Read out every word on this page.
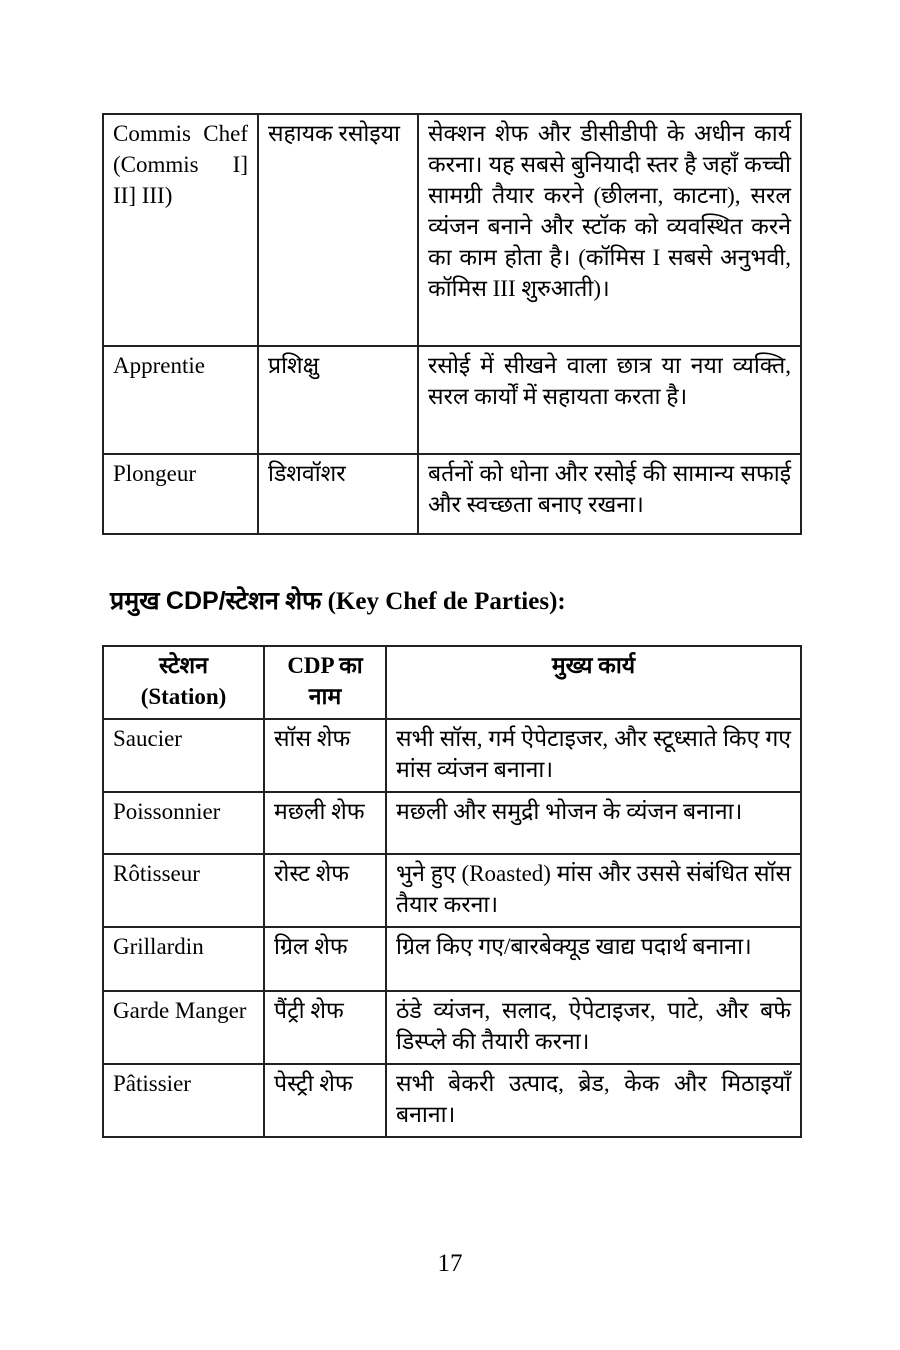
Commis Chef (Commis I] II] III)	सहायक रसोइया	सेक्शन शेफ और डीसीडीपी के अधीन कार्य करना। यह सबसे बुनियादी स्तर है जहाँ कच्ची सामग्री तैयार करने (छीलना, काटना), सरल व्यंजन बनाने और स्टॉक को व्यवस्थित करने का काम होता है। (कॉमिस I सबसे अनुभवी, कॉमिस III शुरुआती)।
Apprentie	प्रशिक्षु	रसोई में सीखने वाला छात्र या नया व्यक्ति, सरल कार्यों में सहायता करता है।
Plongeur	डिशवॉशर	बर्तनों को धोना और रसोई की सामान्य सफाई और स्वच्छता बनाए रखना।
प्रमुख CDP/स्टेशन शेफ (Key Chef de Parties):
स्टेशन
(Station)	CDP का नाम	मुख्य कार्य
Saucier	सॉस शेफ	सभी सॉस, गर्म ऐपेटाइजर, और स्टूध्साते किए गए मांस व्यंजन बनाना।
Poissonnier	मछली शेफ	मछली और समुद्री भोजन के व्यंजन बनाना।
Rôtisseur	रोस्ट शेफ	भुने हुए (Roasted) मांस और उससे संबंधित सॉस तैयार करना।
Grillardin	ग्रिल शेफ	ग्रिल किए गए/बारबेक्यूड खाद्य पदार्थ बनाना।
Garde Manger	पैंट्री शेफ	ठंडे व्यंजन, सलाद, ऐपेटाइजर, पाटे, और बफे डिस्प्ले की तैयारी करना।
Pâtissier	पेस्ट्री शेफ	सभी बेकरी उत्पाद, ब्रेड, केक और मिठाइयाँ बनाना।
17
